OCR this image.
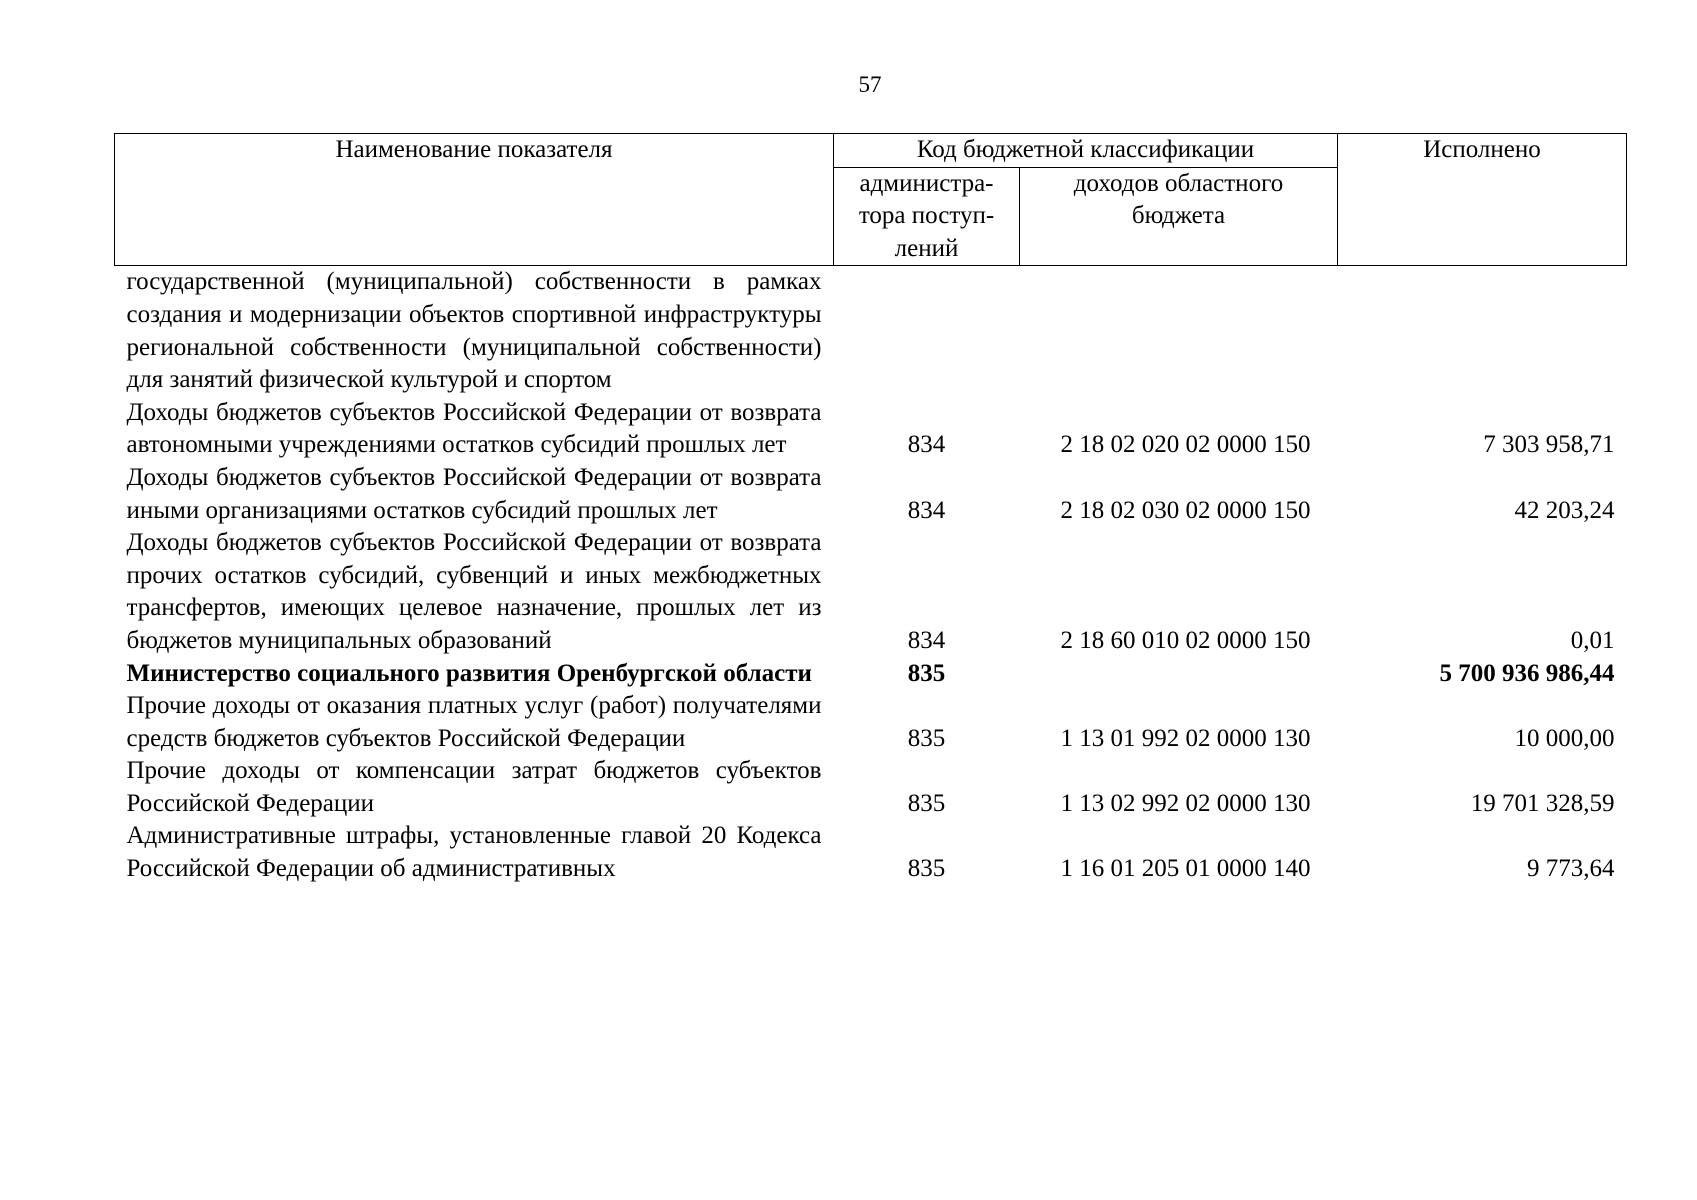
57
Наименование показателя	Код бюджетной классификации		Исполнено
	администра-тора поступ-лений	доходов областного бюджета	
государственной (муниципальной) собственности в рамках создания и модернизации объектов спортивной инфраструктуры региональной собственности (муниципальной собственности) для занятий физической культурой и спортом			
Доходы бюджетов субъектов Российской Федерации от возврата автономными учреждениями остатков субсидий прошлых лет	834	2 18 02 020 02 0000 150	7 303 958,71
Доходы бюджетов субъектов Российской Федерации от возврата иными организациями остатков субсидий прошлых лет	834	2 18 02 030 02 0000 150	42 203,24
Доходы бюджетов субъектов Российской Федерации от возврата прочих остатков субсидий, субвенций и иных межбюджетных трансфертов, имеющих целевое назначение, прошлых лет из бюджетов муниципальных образований	834	2 18 60 010 02 0000 150	0,01
Министерство социального развития Оренбургской области	835		5 700 936 986,44
Прочие доходы от оказания платных услуг (работ) получателями средств бюджетов субъектов Российской Федерации	835	1 13 01 992 02 0000 130	10 000,00
Прочие доходы от компенсации затрат бюджетов субъектов Российской Федерации	835	1 13 02 992 02 0000 130	19 701 328,59
Административные штрафы, установленные главой 20 Кодекса Российской Федерации об административных	835	1 16 01 205 01 0000 140	9 773,64
